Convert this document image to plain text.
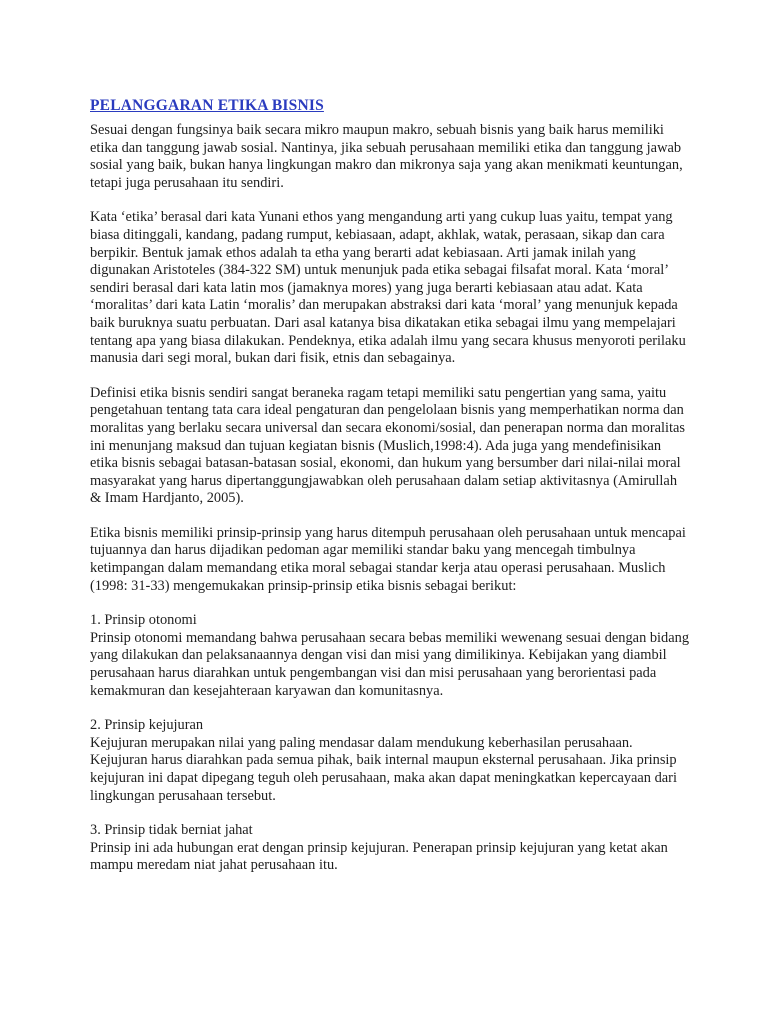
PELANGGARAN ETIKA BISNIS

Sesuai dengan fungsinya baik secara mikro maupun makro, sebuah bisnis yang baik harus memiliki etika dan tanggung jawab sosial. Nantinya, jika sebuah perusahaan memiliki etika dan tanggung jawab sosial yang baik, bukan hanya lingkungan makro dan mikronya saja yang akan menikmati keuntungan, tetapi juga perusahaan itu sendiri.

Kata ‘etika’ berasal dari kata Yunani ethos yang mengandung arti yang cukup luas yaitu, tempat yang biasa ditinggali, kandang, padang rumput, kebiasaan, adapt, akhlak, watak, perasaan, sikap dan cara berpikir. Bentuk jamak ethos adalah ta etha yang berarti adat kebiasaan. Arti jamak inilah yang digunakan Aristoteles (384-322 SM) untuk menunjuk pada etika sebagai filsafat moral. Kata ‘moral’ sendiri berasal dari kata latin mos (jamaknya mores) yang juga berarti kebiasaan atau adat. Kata ‘moralitas’ dari kata Latin ‘moralis’ dan merupakan abstraksi dari kata ‘moral’ yang menunjuk kepada baik buruknya suatu perbuatan. Dari asal katanya bisa dikatakan etika sebagai ilmu yang mempelajari tentang apa yang biasa dilakukan. Pendeknya, etika adalah ilmu yang secara khusus menyoroti perilaku manusia dari segi moral, bukan dari fisik, etnis dan sebagainya.

Definisi etika bisnis sendiri sangat beraneka ragam tetapi memiliki satu pengertian yang sama, yaitu pengetahuan tentang tata cara ideal pengaturan dan pengelolaan bisnis yang memperhatikan norma dan moralitas yang berlaku secara universal dan secara ekonomi/sosial, dan penerapan norma dan moralitas ini menunjang maksud dan tujuan kegiatan bisnis (Muslich,1998:4). Ada juga yang mendefinisikan etika bisnis sebagai batasan-batasan sosial, ekonomi, dan hukum yang bersumber dari nilai-nilai moral masyarakat yang harus dipertanggungjawabkan oleh perusahaan dalam setiap aktivitasnya (Amirullah & Imam Hardjanto, 2005).

Etika bisnis memiliki prinsip-prinsip yang harus ditempuh perusahaan oleh perusahaan untuk mencapai tujuannya dan harus dijadikan pedoman agar memiliki standar baku yang mencegah timbulnya ketimpangan dalam memandang etika moral sebagai standar kerja atau operasi perusahaan. Muslich (1998: 31-33) mengemukakan prinsip-prinsip etika bisnis sebagai berikut:

1. Prinsip otonomi

Prinsip otonomi memandang bahwa perusahaan secara bebas memiliki wewenang sesuai dengan bidang yang dilakukan dan pelaksanaannya dengan visi dan misi yang dimilikinya. Kebijakan yang diambil perusahaan harus diarahkan untuk pengembangan visi dan misi perusahaan yang berorientasi pada kemakmuran dan kesejahteraan karyawan dan komunitasnya.

2. Prinsip kejujuran

Kejujuran merupakan nilai yang paling mendasar dalam mendukung keberhasilan perusahaan. Kejujuran harus diarahkan pada semua pihak, baik internal maupun eksternal perusahaan. Jika prinsip kejujuran ini dapat dipegang teguh oleh perusahaan, maka akan dapat meningkatkan kepercayaan dari lingkungan perusahaan tersebut.

3. Prinsip tidak berniat jahat

Prinsip ini ada hubungan erat dengan prinsip kejujuran. Penerapan prinsip kejujuran yang ketat akan mampu meredam niat jahat perusahaan itu.
